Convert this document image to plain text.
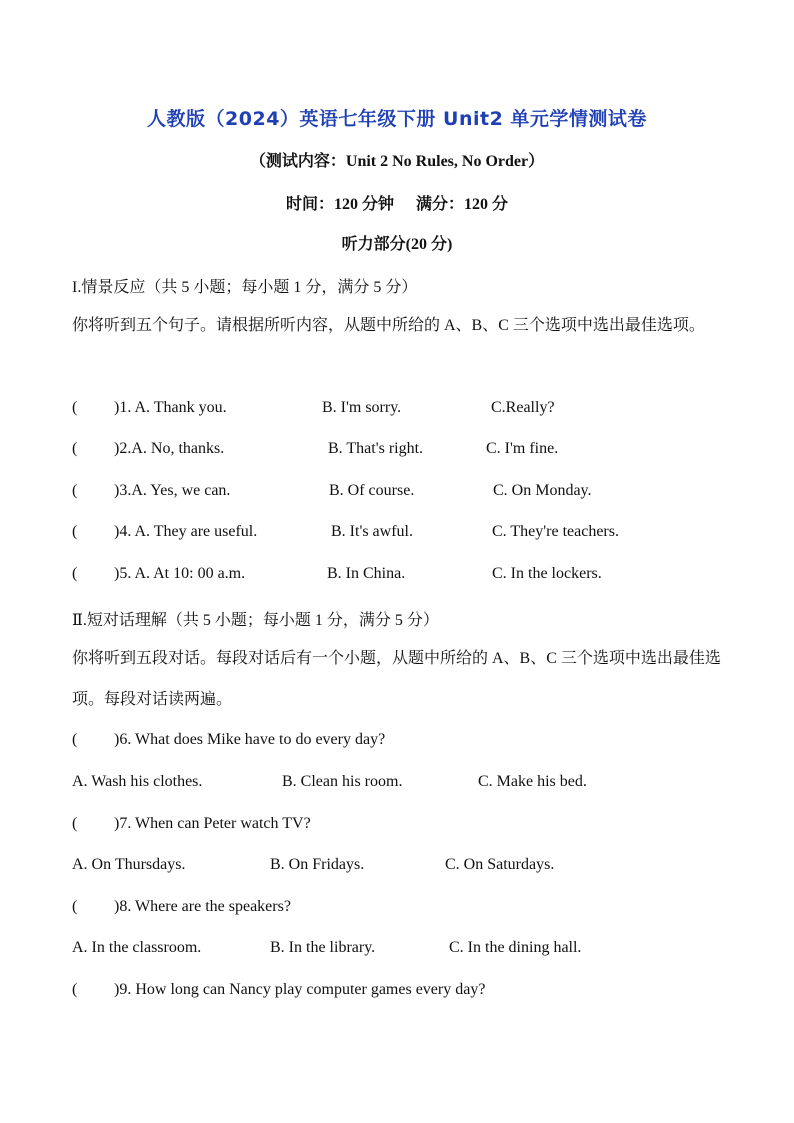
人教版（2024）英语七年级下册 Unit2 单元学情测试卷
（测试内容：Unit 2 No Rules, No Order）
时间：120 分钟 满分：120 分
听力部分(20 分)
I.情景反应（共 5 小题；每小题 1 分，满分 5 分）
你将听到五个句子。请根据所听内容，从题中所给的 A、B、C 三个选项中选出最佳选项。
( )1. A. Thank you.	B. I'm sorry.	C.Really?
( )2.A. No, thanks.	B. That's right.	C. I'm fine.
( )3.A. Yes, we can.	B. Of course.	C. On Monday.
( )4. A. They are useful.	B. It's awful.	C. They're teachers.
( )5. A. At 10: 00 a.m.	B. In China.	C. In the lockers.
Ⅱ.短对话理解（共 5 小题；每小题 1 分，满分 5 分）
你将听到五段对话。每段对话后有一个小题，从题中所给的 A、B、C 三个选项中选出最佳选项。每段对话读两遍。
( )6. What does Mike have to do every day?
A. Wash his clothes.	B. Clean his room.	C. Make his bed.
( )7. When can Peter watch TV?
A. On Thursdays.	B. On Fridays.	C. On Saturdays.
( )8. Where are the speakers?
A. In the classroom.	B. In the library.	C. In the dining hall.
( )9. How long can Nancy play computer games every day?
